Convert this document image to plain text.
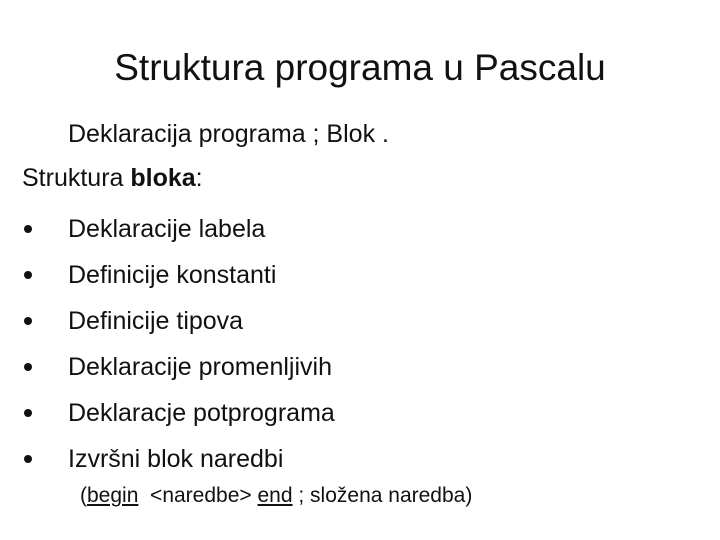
Struktura programa u Pascalu
Deklaracija programa ; Blok .
Struktura bloka:
Deklaracije labela
Definicije konstanti
Definicije tipova
Deklaracije promenljivih
Deklaracje potprograma
Izvršni blok naredbi
(begin  <naredbe> end ; složena naredba)
